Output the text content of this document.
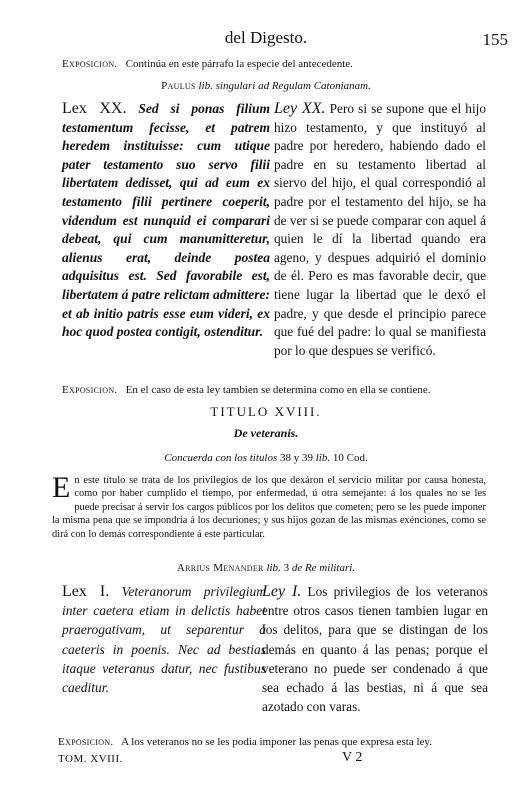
del Digesto.	155
Exposicion. Continúa en este párrafo la especie del antecedente.
Paulus lib. singulari ad Regulam Catonianam.

Lex XX. Sed si ponas filium testamentum fecisse, et patrem heredem instituisse: cum utique pater testamento suo servo filii libertatem dedisset, qui ad eum ex testamento filii pertinere coeperit, videndum est nunquid ei comparari debeat, qui cum manumitteretur, alienus erat, deinde postea adquisitus est. Sed favorabile est, libertatem á patre relictam admittere: et ab initio patris esse eum videri, ex hoc quod postea contigit, ostenditur.

Ley XX. Pero si se supone que el hijo hizo testamento, y que instituyó al padre por heredero, habiendo dado el padre en su testamento libertad al siervo del hijo, el qual correspondió al padre por el testamento del hijo, se ha de ver si se puede comparar con aquel á quien le dí la libertad quando era ageno, y despues adquirió el dominio de él. Pero es mas favorable decir, que tiene lugar la libertad que le dexó el padre, y que desde el principio parece que fué del padre: lo qual se manifiesta por lo que despues se verificó.

Exposicion. En el caso de esta ley tambien se determina como en ella se contiene.
TITULO XVIII.
De veteranis.
Concuerda con los títulos 38 y 39 lib. 10 Cod.
En este título se trata de los privilegios de los que dexáron el servicio militar por causa honesta, como por haber cumplido el tiempo, por enfermedad, ú otra semejante: á los quales no se les puede precisar á servir los cargos públicos por los delitos que cometen; pero se les puede imponer la misma pena que se impondria á los decuriones; y sus hijos gozan de las mismas exénciones, como se dirá con lo demás correspondiente á este particular.
Arrius Menander lib. 3 de Re militari.

Lex I. Veteranorum privilegium inter caetera etiam in delictis habet praerogativam, ut separentur á caeteris in poenis. Nec ad bestias itaque veteranus datur, nec fustibus caeditur.

Ley I. Los privilegios de los veteranos entre otros casos tienen tambien lugar en los delitos, para que se distingan de los demás en quanto á las penas; porque el veterano no puede ser condenado á que sea echado á las bestias, ni á que sea azotado con varas.

Exposicion. A los veteranos no se les podia imponer las penas que expresa esta ley.
TOM. XVIII.	V 2
